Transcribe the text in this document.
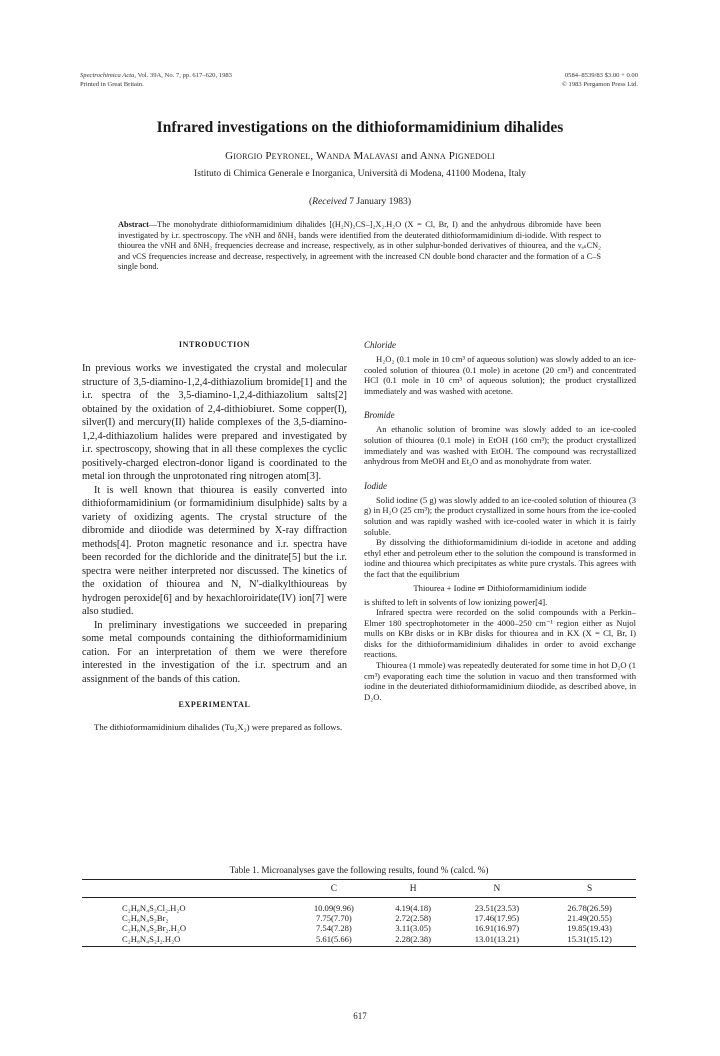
Spectrochimica Acta, Vol. 39A, No. 7, pp. 617–620, 1983
Printed in Great Britain.
0584–8539/83 $3.00 + 0.00
© 1983 Pergamon Press Ltd.
Infrared investigations on the dithioformamidinium dihalides
Giorgio Peyronel, Wanda Malavasi and Anna Pignedoli
Istituto di Chimica Generale e Inorganica, Università di Modena, 41100 Modena, Italy
(Received 7 January 1983)
Abstract—The monohydrate dithioformamidinium dihalides [(H₂N)₂CS–]₂X₂.H₂O (X = Cl, Br, I) and the anhydrous dibromide have been investigated by i.r. spectroscopy. The νNH and δNH₂ bands were identified from the deuterated dithioformamidinium di-iodide. With respect to thiourea the νNH and δNH₂ frequencies decrease and increase, respectively, as in other sulphur-bonded derivatives of thiourea, and the νₐₛCN₂ and νCS frequencies increase and decrease, respectively, in agreement with the increased CN double bond character and the formation of a C–S single bond.
INTRODUCTION

In previous works we investigated the crystal and molecular structure of 3,5-diamino-1,2,4-dithiazolium bromide[1] and the i.r. spectra of the 3,5-diamino-1,2,4-dithiazolium salts[2] obtained by the oxidation of 2,4-dithiobiuret. Some copper(I), silver(I) and mercury(II) halide complexes of the 3,5-diamino-1,2,4-dithiazolium halides were prepared and investigated by i.r. spectroscopy, showing that in all these complexes the cyclic positively-charged electron-donor ligand is coordinated to the metal ion through the unprotonated ring nitrogen atom[3].

It is well known that thiourea is easily converted into dithioformamidinium (or formamidinium disulphide) salts by a variety of oxidizing agents. The crystal structure of the dibromide and diiodide was determined by X-ray diffraction methods[4]. Proton magnetic resonance and i.r. spectra have been recorded for the dichloride and the dinitrate[5] but the i.r. spectra were neither interpreted nor discussed. The kinetics of the oxidation of thiourea and N, N′-dialkylthioureas by hydrogen peroxide[6] and by hexachloroiridate(IV) ion[7] were also studied.

In preliminary investigations we succeeded in preparing some metal compounds containing the dithioformamidinium cation. For an interpretation of them we were therefore interested in the investigation of the i.r. spectrum and an assignment of the bands of this cation.

EXPERIMENTAL

The dithioformamidinium dihalides (Tu₂X₂) were prepared as follows.

Chloride

H₂O₂ (0.1 mole in 10 cm³ of aqueous solution) was slowly added to an ice-cooled solution of thiourea (0.1 mole) in acetone (20 cm³) and concentrated HCl (0.1 mole in 10 cm³ of aqueous solution); the product crystallized immediately and was washed with acetone.

Bromide

An ethanolic solution of bromine was slowly added to an ice-cooled solution of thiourea (0.1 mole) in EtOH (160 cm³); the product crystallized immediately and was washed with EtOH. The compound was recrystallized anhydrous from MeOH and Et₂O and as monohydrate from water.

Iodide

Solid iodine (5 g) was slowly added to an ice-cooled solution of thiourea (3 g) in H₂O (25 cm³); the product crystallized in some hours from the ice-cooled solution and was rapidly washed with ice-cooled water in which it is fairly soluble.

By dissolving the dithioformamidinium di-iodide in acetone and adding ethyl ether and petroleum ether to the solution the compound is transformed in iodine and thiourea which precipitates as white pure crystals. This agrees with the fact that the equilibrium

Thiourea + Iodine ⇌ Dithioformamidinium iodide

is shifted to left in solvents of low ionizing power[4].

Infrared spectra were recorded on the solid compounds with a Perkin–Elmer 180 spectrophotometer in the 4000–250 cm⁻¹ region either as Nujol mulls on KBr disks or in KBr disks for thiourea and in KX (X = Cl, Br, I) disks for the dithioformamidinium dihalides in order to avoid exchange reactions.

Thiourea (1 mmole) was repeatedly deuterated for some time in hot D₂O (1 cm³) evaporating each time the solution in vacuo and then transformed with iodine in the deuteriated dithioformamidinium diiodide, as described above, in D₂O.

Table 1. Microanalyses gave the following results, found % (calcd. %)
	C	H	N	S
C₂H₈N₄S₂Cl₂.H₂O	10.09(9.96)	4.19(4.18)	23.51(23.53)	26.78(26.59)
C₂H₈N₄S₂Br₂	7.75(7.70)	2.72(2.58)	17.46(17.95)	21.49(20.55)
C₂H₈N₄S₂Br₂.H₂O	7.54(7.28)	3.11(3.05)	16.91(16.97)	19.85(19.43)
C₂H₈N₄S₂I₂.H₂O	5.61(5.66)	2.28(2.38)	13.01(13.21)	15.31(15.12)
617
